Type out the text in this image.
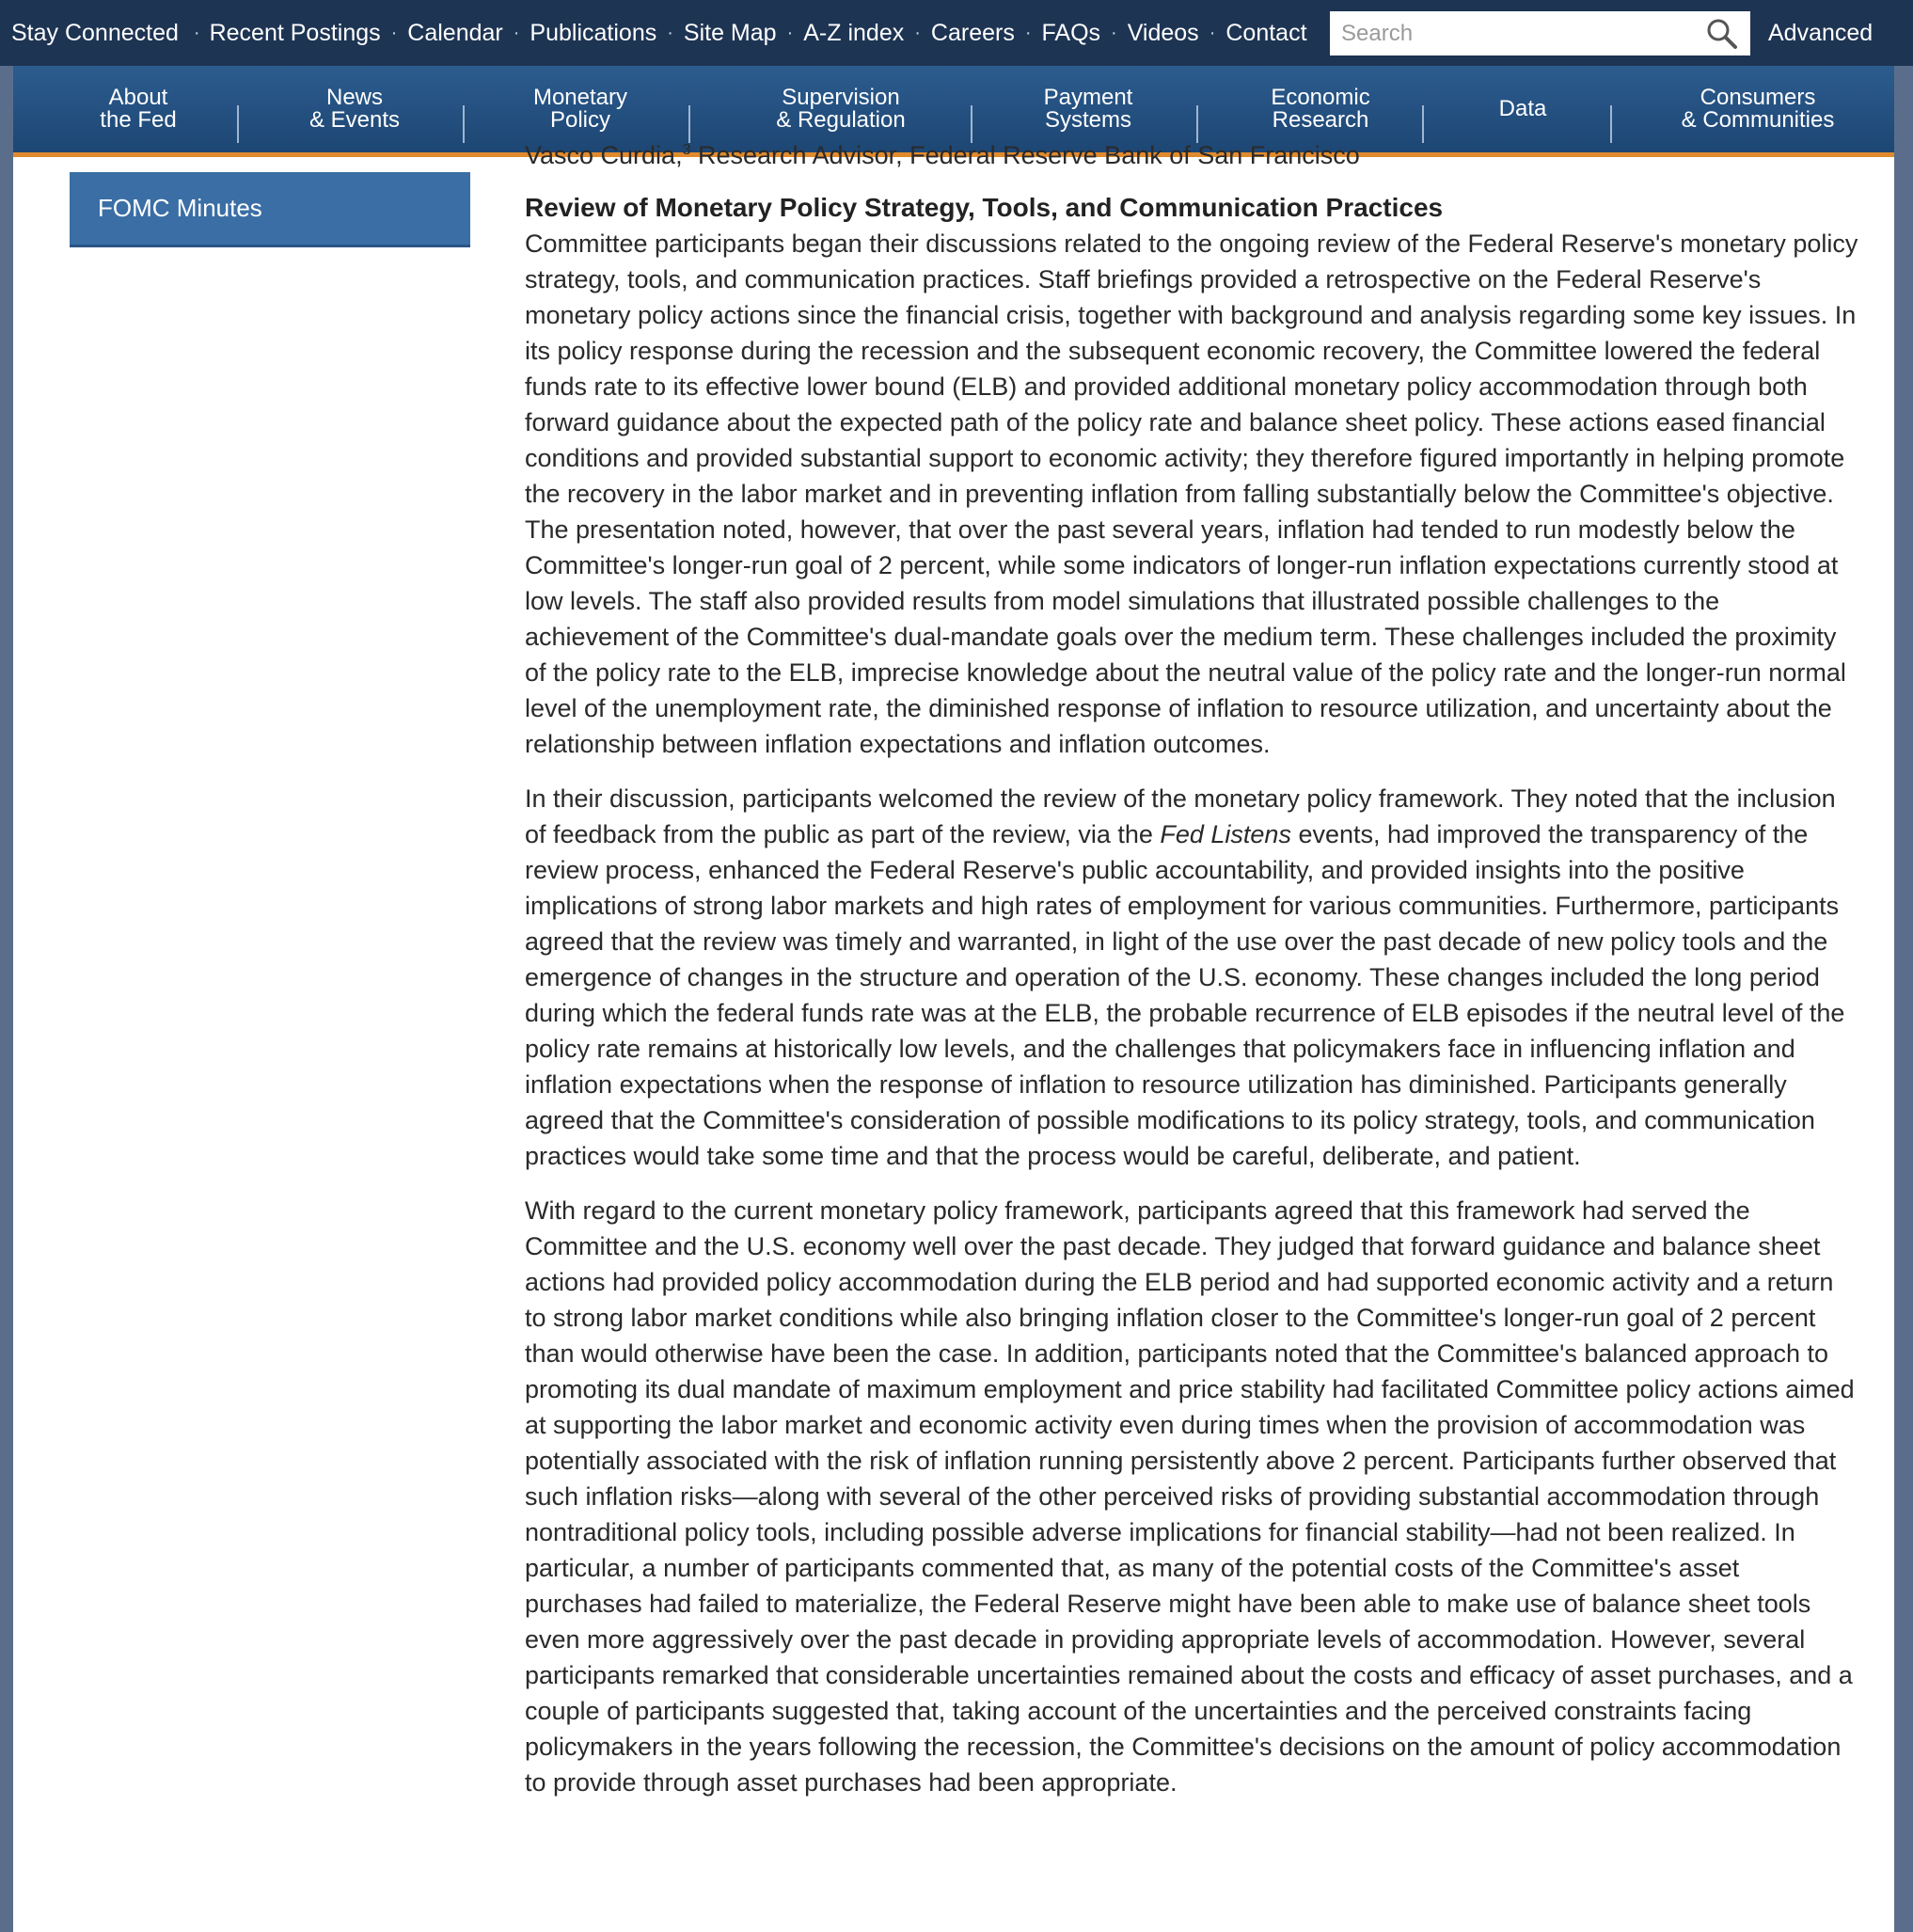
Stay Connected · Recent Postings · Calendar · Publications · Site Map · A-Z index · Careers · FAQs · Videos · Contact
Search	Advanced
About
the Fed
News
& Events
Monetary
Policy
Supervision
& Regulation
Payment
Systems
Economic
Research	Data	Consumers
& Communities
FOMC Minutes

Vasco Curdia,$^3$ Research Advisor, Federal Reserve Bank of San Francisco

Review of Monetary Policy Strategy, Tools, and Communication Practices

Committee participants began their discussions related to the ongoing review of the Federal Reserve's monetary policy strategy, tools, and communication practices. Staff briefings provided a retrospective on the Federal Reserve's monetary policy actions since the financial crisis, together with background and analysis regarding some key issues. In its policy response during the recession and the subsequent economic recovery, the Committee lowered the federal funds rate to its effective lower bound (ELB) and provided additional monetary policy accommodation through both forward guidance about the expected path of the policy rate and balance sheet policy. These actions eased financial conditions and provided substantial support to economic activity; they therefore figured importantly in helping promote the recovery in the labor market and in preventing inflation from falling substantially below the Committee's objective. The presentation noted, however, that over the past several years, inflation had tended to run modestly below the Committee's longer-run goal of 2 percent, while some indicators of longer-run inflation expectations currently stood at low levels. The staff also provided results from model simulations that illustrated possible challenges to the achievement of the Committee's dual-mandate goals over the medium term. These challenges included the proximity of the policy rate to the ELB, imprecise knowledge about the neutral value of the policy rate and the longer-run normal level of the unemployment rate, the diminished response of inflation to resource utilization, and uncertainty about the relationship between inflation expectations and inflation outcomes.

In their discussion, participants welcomed the review of the monetary policy framework. They noted that the inclusion of feedback from the public as part of the review, via the Fed Listens events, had improved the transparency of the review process, enhanced the Federal Reserve's public accountability, and provided insights into the positive implications of strong labor markets and high rates of employment for various communities. Furthermore, participants agreed that the review was timely and warranted, in light of the use over the past decade of new policy tools and the emergence of changes in the structure and operation of the U.S. economy. These changes included the long period during which the federal funds rate was at the ELB, the probable recurrence of ELB episodes if the neutral level of the policy rate remains at historically low levels, and the challenges that policymakers face in influencing inflation and inflation expectations when the response of inflation to resource utilization has diminished. Participants generally agreed that the Committee's consideration of possible modifications to its policy strategy, tools, and communication practices would take some time and that the process would be careful, deliberate, and patient.

With regard to the current monetary policy framework, participants agreed that this framework had served the Committee and the U.S. economy well over the past decade. They judged that forward guidance and balance sheet actions had provided policy accommodation during the ELB period and had supported economic activity and a return to strong labor market conditions while also bringing inflation closer to the Committee's longer-run goal of 2 percent than would otherwise have been the case. In addition, participants noted that the Committee's balanced approach to promoting its dual mandate of maximum employment and price stability had facilitated Committee policy actions aimed at supporting the labor market and economic activity even during times when the provision of accommodation was potentially associated with the risk of inflation running persistently above 2 percent. Participants further observed that such inflation risks—along with several of the other perceived risks of providing substantial accommodation through nontraditional policy tools, including possible adverse implications for financial stability—had not been realized. In particular, a number of participants commented that, as many of the potential costs of the Committee's asset purchases had failed to materialize, the Federal Reserve might have been able to make use of balance sheet tools even more aggressively over the past decade in providing appropriate levels of accommodation. However, several participants remarked that considerable uncertainties remained about the costs and efficacy of asset purchases, and a couple of participants suggested that, taking account of the uncertainties and the perceived constraints facing policymakers in the years following the recession, the Committee's decisions on the amount of policy accommodation to provide through asset purchases had been appropriate.
